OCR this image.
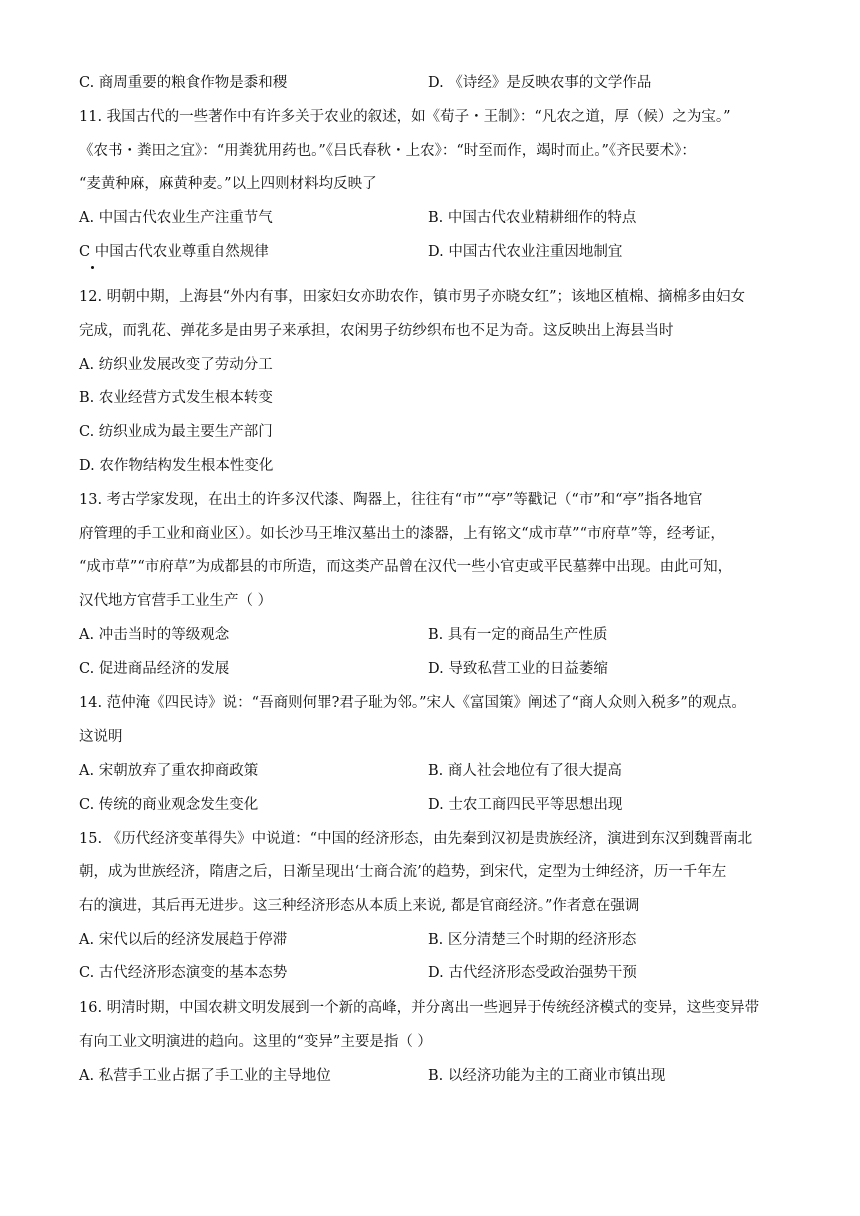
C. 商周重要的粮食作物是黍和稷	D. 《诗经》是反映农事的文学作品
11. 我国古代的一些著作中有许多关于农业的叙述，如《荀子・王制》：“凡农之道，厚（候）之为宝。”
《农书・粪田之宜》：“用粪犹用药也。”《吕氏春秋・上农》：“时至而作，竭时而止。”《齐民要术》：
“麦黄种麻，麻黄种麦。”以上四则材料均反映了
A. 中国古代农业生产注重节气	B. 中国古代农业精耕细作的特点
C 中国古代农业尊重自然规律	D. 中国古代农业注重因地制宜
12. 明朝中期，上海县“外内有事，田家妇女亦助农作，镇市男子亦晓女红”；该地区植棉、摘棉多由妇女
完成，而乳花、弹花多是由男子来承担，农闲男子纺纱织布也不足为奇。这反映出上海县当时
A. 纺织业发展改变了劳动分工
B. 农业经营方式发生根本转变
C. 纺织业成为最主要生产部门
D. 农作物结构发生根本性变化
13. 考古学家发现，在出土的许多汉代漆、陶器上，往往有“市”“亭”等戳记（“市”和“亭”指各地官
府管理的手工业和商业区）。如长沙马王堆汉墓出土的漆器，上有铭文“成市草”“市府草”等，经考证，
“成市草”“市府草”为成都县的市所造，而这类产品曾在汉代一些小官吏或平民墓葬中出现。由此可知，
汉代地方官营手工业生产（ ）
A. 冲击当时的等级观念	B. 具有一定的商品生产性质
C. 促进商品经济的发展	D. 导致私营工业的日益萎缩
14. 范仲淹《四民诗》说：“吾商则何罪?君子耻为邻。”宋人《富国策》阐述了“商人众则入税多”的观点。
这说明
A. 宋朝放弃了重农抑商政策	B. 商人社会地位有了很大提高
C. 传统的商业观念发生变化	D. 士农工商四民平等思想出现
15. 《历代经济变革得失》中说道：“中国的经济形态，由先秦到汉初是贵族经济，演进到东汉到魏晋南北
朝，成为世族经济，隋唐之后，日渐呈现出‘士商合流’的趋势，到宋代，定型为士绅经济，历一千年左
右的演进，其后再无进步。这三种经济形态从本质上来说, 都是官商经济。”作者意在强调
A. 宋代以后的经济发展趋于停滞	B. 区分清楚三个时期的经济形态
C. 古代经济形态演变的基本态势	D. 古代经济形态受政治强势干预
16. 明清时期，中国农耕文明发展到一个新的高峰，并分离出一些迥异于传统经济模式的变异，这些变异带
有向工业文明演进的趋向。这里的“变异”主要是指（ ）
A. 私营手工业占据了手工业的主导地位	B. 以经济功能为主的工商业市镇出现
